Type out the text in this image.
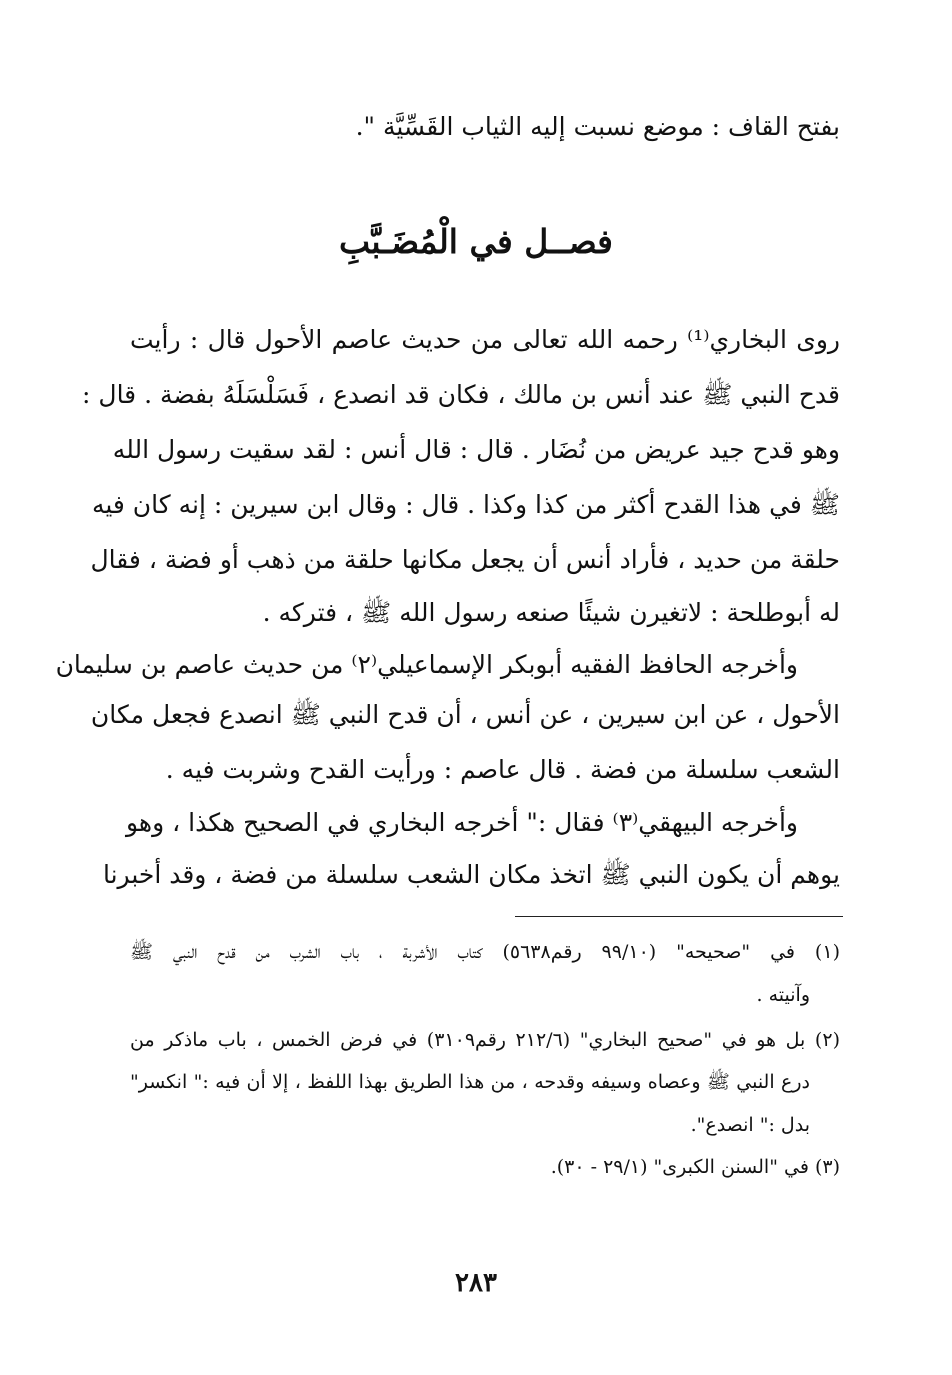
بفتح القاف : موضع نسبت إليه الثياب القَسِّيَّة ".
فصــل في الْمُضَـبَّبِ
روى البخاري⁽¹⁾ رحمه الله تعالى من حديث عاصم الأحول قال : رأيت
قدح النبي ﷺ عند أنس بن مالك ، فكان قد انصدع ، فَسَلْسَلَهُ بفضة . قال :
وهو قدح جيد عريض من نُضَار . قال : قال أنس : لقد سقيت رسول الله
ﷺ في هذا القدح أكثر من كذا وكذا . قال : وقال ابن سيرين : إنه كان فيه
حلقة من حديد ، فأراد أنس أن يجعل مكانها حلقة من ذهب أو فضة ، فقال
له أبوطلحة : لاتغيرن شيئًا صنعه رسول الله ﷺ ، فتركه .
وأخرجه الحافظ الفقيه أبوبكر الإسماعيلي⁽٢⁾ من حديث عاصم بن سليمان
الأحول ، عن ابن سيرين ، عن أنس ، أن قدح النبي ﷺ انصدع فجعل مكان
الشعب سلسلة من فضة . قال عاصم : ورأيت القدح وشربت فيه .
وأخرجه البيهقي⁽٣⁾ فقال :" أخرجه البخاري في الصحيح هكذا ، وهو
يوهم أن يكون النبي ﷺ اتخذ مكان الشعب سلسلة من فضة ، وقد أخبرنا
(١) في "صحيحه" (٩٩/١٠ رقم٥٦٣٨) كتاب الأشربة ، باب الشرب من قدح النبي ﷺ
وآنيته .
(٢) بل هو في "صحيح البخاري" (٢١٢/٦ رقم٣١٠٩) في فرض الخمس ، باب ماذكر من
درع النبي ﷺ وعصاه وسيفه وقدحه ، من هذا الطريق بهذا اللفظ ، إلا أن فيه :" انكسر"
بدل :" انصدع".
(٣) في "السنن الكبرى" (٢٩/١ - ٣٠).
٢٨٣
